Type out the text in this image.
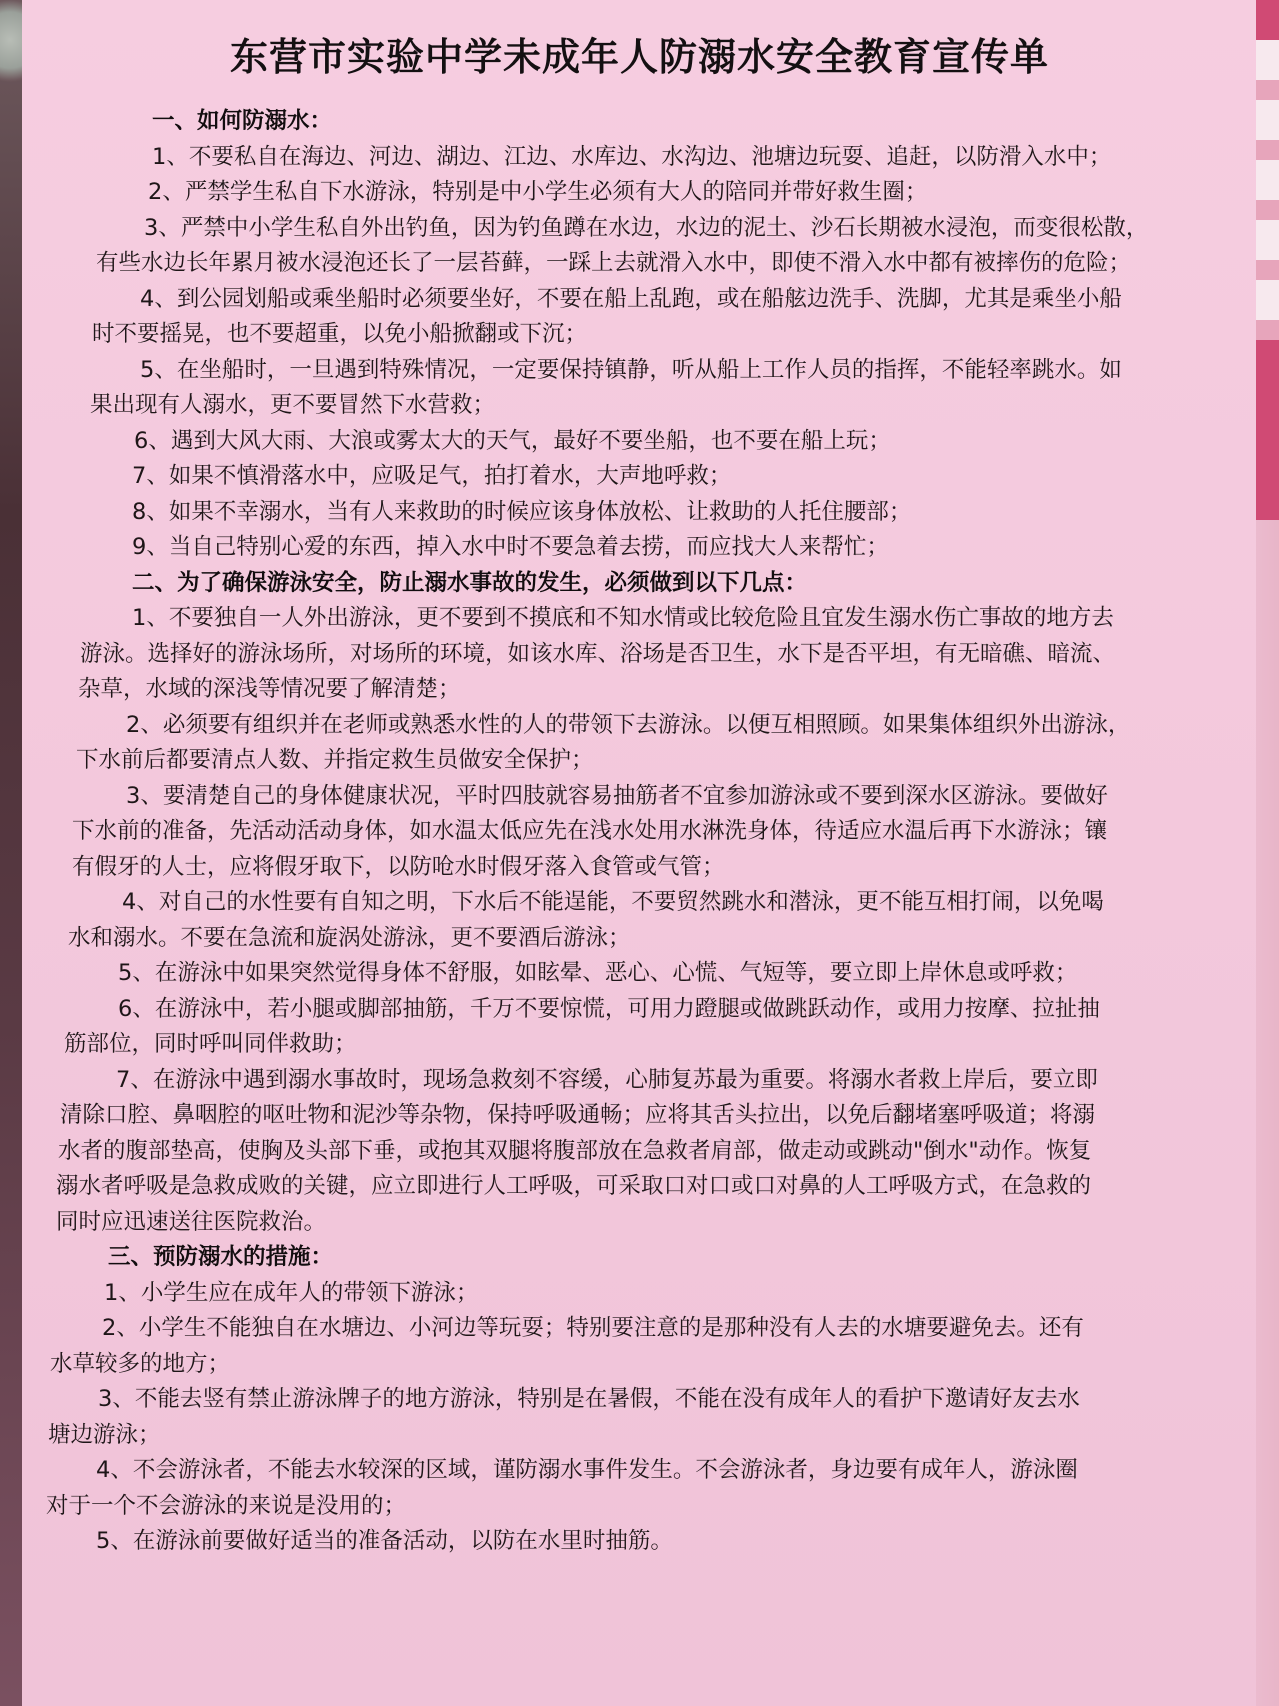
东营市实验中学未成年人防溺水安全教育宣传单
一、如何防溺水：
1、不要私自在海边、河边、湖边、江边、水库边、水沟边、池塘边玩耍、追赶，以防滑入水中；
2、严禁学生私自下水游泳，特别是中小学生必须有大人的陪同并带好救生圈；
3、严禁中小学生私自外出钓鱼，因为钓鱼蹲在水边，水边的泥土、沙石长期被水浸泡，而变很松散，
有些水边长年累月被水浸泡还长了一层苔藓，一踩上去就滑入水中，即使不滑入水中都有被摔伤的危险；
4、到公园划船或乘坐船时必须要坐好，不要在船上乱跑，或在船舷边洗手、洗脚，尤其是乘坐小船
时不要摇晃，也不要超重，以免小船掀翻或下沉；
5、在坐船时，一旦遇到特殊情况，一定要保持镇静，听从船上工作人员的指挥，不能轻率跳水。如
果出现有人溺水，更不要冒然下水营救；
6、遇到大风大雨、大浪或雾太大的天气，最好不要坐船，也不要在船上玩；
7、如果不慎滑落水中，应吸足气，拍打着水，大声地呼救；
8、如果不幸溺水，当有人来救助的时候应该身体放松、让救助的人托住腰部；
9、当自己特别心爱的东西，掉入水中时不要急着去捞，而应找大人来帮忙；
二、为了确保游泳安全，防止溺水事故的发生，必须做到以下几点：
1、不要独自一人外出游泳，更不要到不摸底和不知水情或比较危险且宜发生溺水伤亡事故的地方去
游泳。选择好的游泳场所，对场所的环境，如该水库、浴场是否卫生，水下是否平坦，有无暗礁、暗流、
杂草，水域的深浅等情况要了解清楚；
2、必须要有组织并在老师或熟悉水性的人的带领下去游泳。以便互相照顾。如果集体组织外出游泳，
下水前后都要清点人数、并指定救生员做安全保护；
3、要清楚自己的身体健康状况，平时四肢就容易抽筋者不宜参加游泳或不要到深水区游泳。要做好
下水前的准备，先活动活动身体，如水温太低应先在浅水处用水淋洗身体，待适应水温后再下水游泳；镶
有假牙的人士，应将假牙取下，以防呛水时假牙落入食管或气管；
4、对自己的水性要有自知之明，下水后不能逞能，不要贸然跳水和潜泳，更不能互相打闹，以免喝
水和溺水。不要在急流和旋涡处游泳，更不要酒后游泳；
5、在游泳中如果突然觉得身体不舒服，如眩晕、恶心、心慌、气短等，要立即上岸休息或呼救；
6、在游泳中，若小腿或脚部抽筋，千万不要惊慌，可用力蹬腿或做跳跃动作，或用力按摩、拉扯抽
筋部位，同时呼叫同伴救助；
7、在游泳中遇到溺水事故时，现场急救刻不容缓，心肺复苏最为重要。将溺水者救上岸后，要立即
清除口腔、鼻咽腔的呕吐物和泥沙等杂物，保持呼吸通畅；应将其舌头拉出，以免后翻堵塞呼吸道；将溺
水者的腹部垫高，使胸及头部下垂，或抱其双腿将腹部放在急救者肩部，做走动或跳动"倒水"动作。恢复
溺水者呼吸是急救成败的关键，应立即进行人工呼吸，可采取口对口或口对鼻的人工呼吸方式，在急救的
同时应迅速送往医院救治。
三、预防溺水的措施：
1、小学生应在成年人的带领下游泳；
2、小学生不能独自在水塘边、小河边等玩耍；特别要注意的是那种没有人去的水塘要避免去。还有
水草较多的地方；
3、不能去竖有禁止游泳牌子的地方游泳，特别是在暑假，不能在没有成年人的看护下邀请好友去水
塘边游泳；
4、不会游泳者，不能去水较深的区域，谨防溺水事件发生。不会游泳者，身边要有成年人，游泳圈
对于一个不会游泳的来说是没用的；
5、在游泳前要做好适当的准备活动，以防在水里时抽筋。
